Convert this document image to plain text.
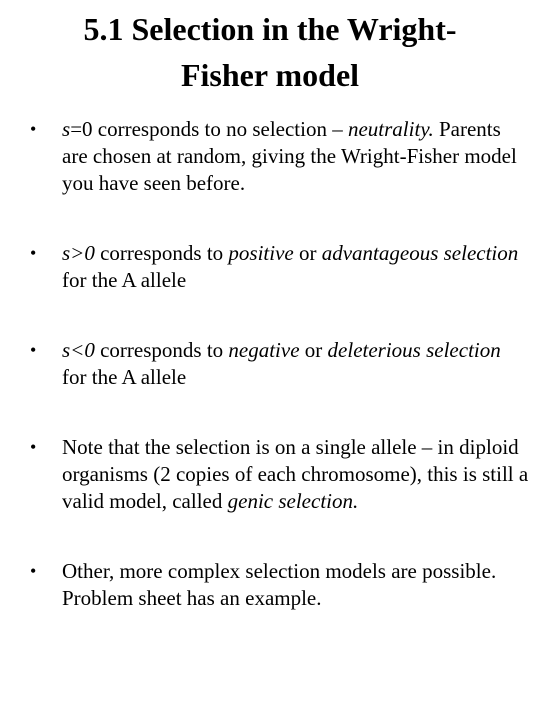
5.1 Selection in the Wright-
Fisher model
• s=0 corresponds to no selection – neutrality. Parents are chosen at random, giving the Wright-Fisher model you have seen before.
• s>0 corresponds to positive or advantageous selection for the A allele
• s<0 corresponds to negative or deleterious selection for the A allele
• Note that the selection is on a single allele – in diploid organisms (2 copies of each chromosome), this is still a valid model, called genic selection.
• Other, more complex selection models are possible. Problem sheet has an example.
